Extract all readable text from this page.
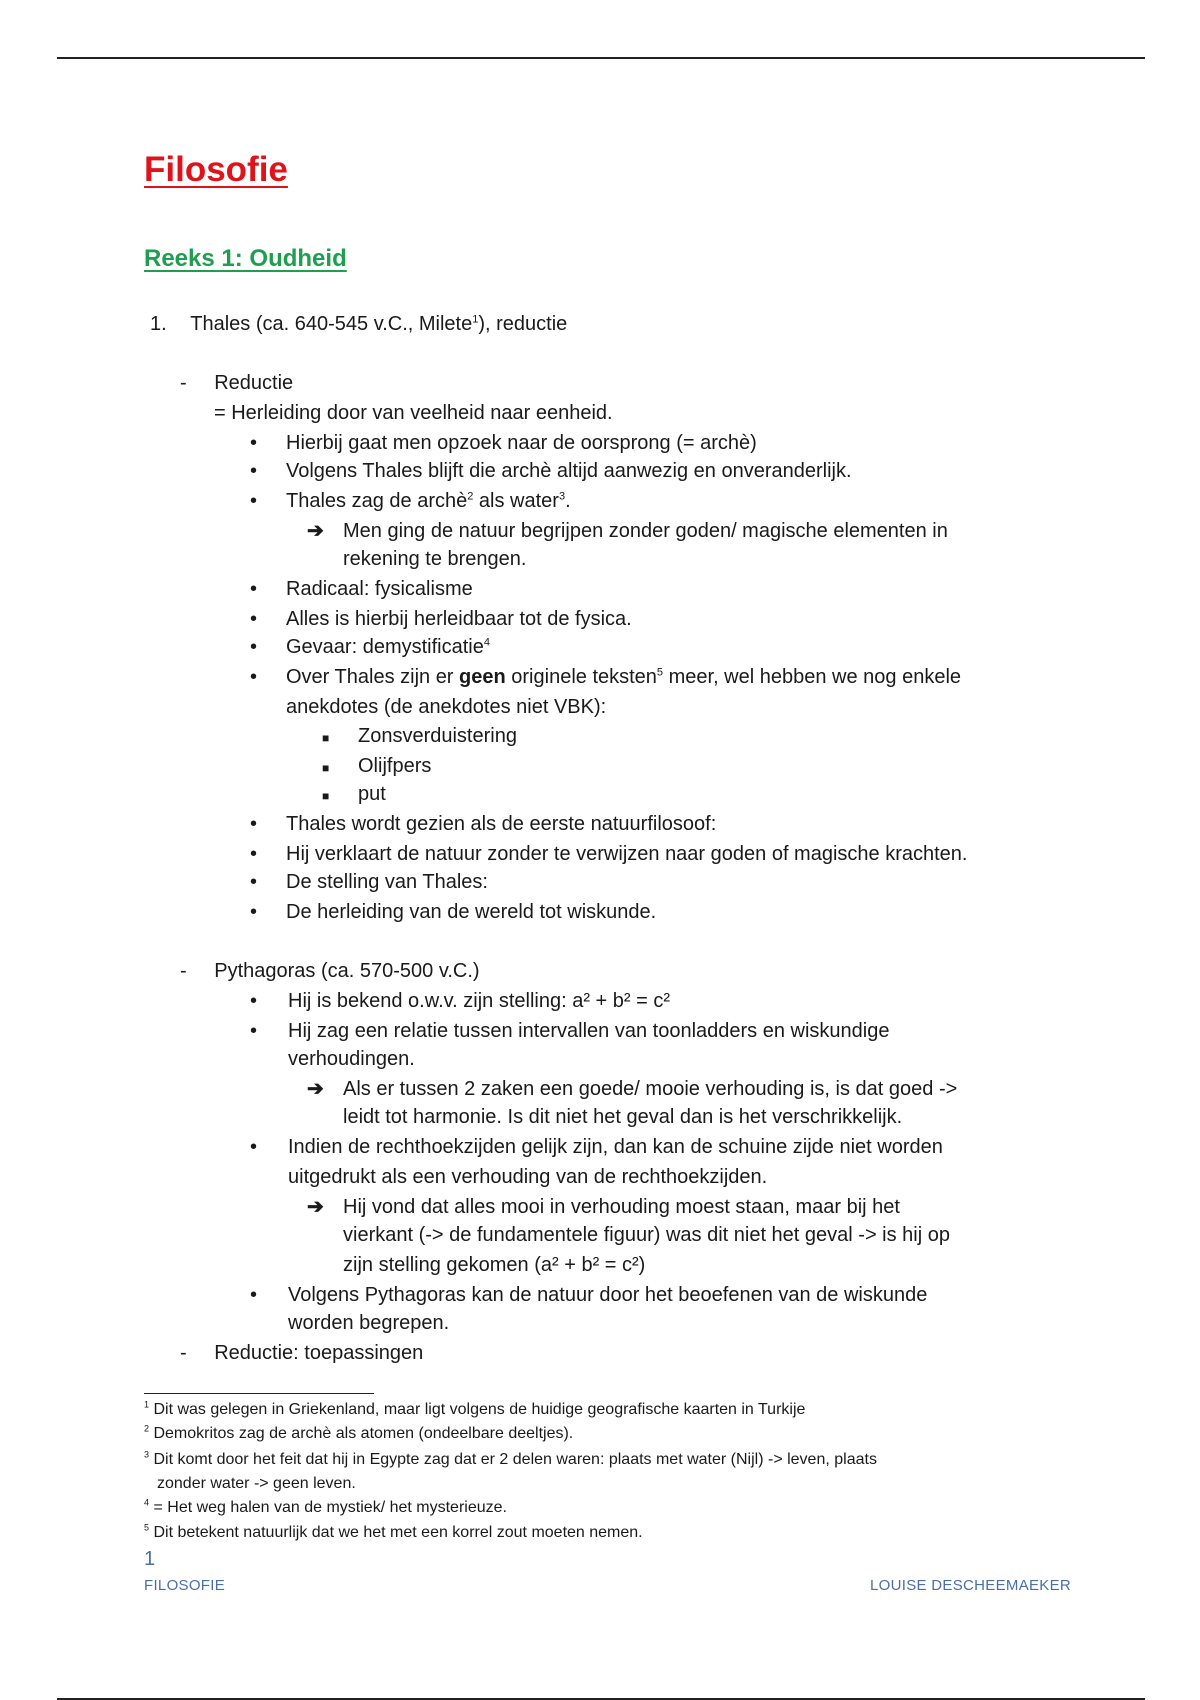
Filosofie
Reeks 1: Oudheid
1. Thales (ca. 640-545 v.C., Milete$^1$), reductie
- Reductie
= Herleiding door van veelheid naar eenheid.
• Hierbij gaat men opzoek naar de oorsprong (= archè)
• Volgens Thales blijft die archè altijd aanwezig en onveranderlijk.
• Thales zag de archè$^2$ als water$^3$.
➔ Men ging de natuur begrijpen zonder goden/ magische elementen in
rekening te brengen.
• Radicaal: fysicalisme
• Alles is hierbij herleidbaar tot de fysica.
• Gevaar: demystificatie$^4$
• Over Thales zijn er geen originele teksten$^5$ meer, wel hebben we nog enkele
anekdotes (de anekdotes niet VBK):
■ Zonsverduistering
■ Olijfpers
■ put
• Thales wordt gezien als de eerste natuurfilosoof:
• Hij verklaart de natuur zonder te verwijzen naar goden of magische krachten.
• De stelling van Thales:
• De herleiding van de wereld tot wiskunde.
- Pythagoras (ca. 570-500 v.C.)
• Hij is bekend o.w.v. zijn stelling: a² + b² = c²
• Hij zag een relatie tussen intervallen van toonladders en wiskundige
verhoudingen.
➔ Als er tussen 2 zaken een goede/ mooie verhouding is, is dat goed ->
leidt tot harmonie. Is dit niet het geval dan is het verschrikkelijk.
• Indien de rechthoekzijden gelijk zijn, dan kan de schuine zijde niet worden
uitgedrukt als een verhouding van de rechthoekzijden.
➔ Hij vond dat alles mooi in verhouding moest staan, maar bij het
vierkant (-> de fundamentele figuur) was dit niet het geval -> is hij op
zijn stelling gekomen (a² + b² = c²)
• Volgens Pythagoras kan de natuur door het beoefenen van de wiskunde
worden begrepen.
- Reductie: toepassingen
$^1$ Dit was gelegen in Griekenland, maar ligt volgens de huidige geografische kaarten in Turkije
$^2$ Demokritos zag de archè als atomen (ondeelbare deeltjes).
$^3$ Dit komt door het feit dat hij in Egypte zag dat er 2 delen waren: plaats met water (Nijl) -> leven, plaats
zonder water -> geen leven.
$^4$ = Het weg halen van de mystiek/ het mysterieuze.
$^5$ Dit betekent natuurlijk dat we het met een korrel zout moeten nemen.
1
FILOSOFIE	LOUISE DESCHEEMAEKER
